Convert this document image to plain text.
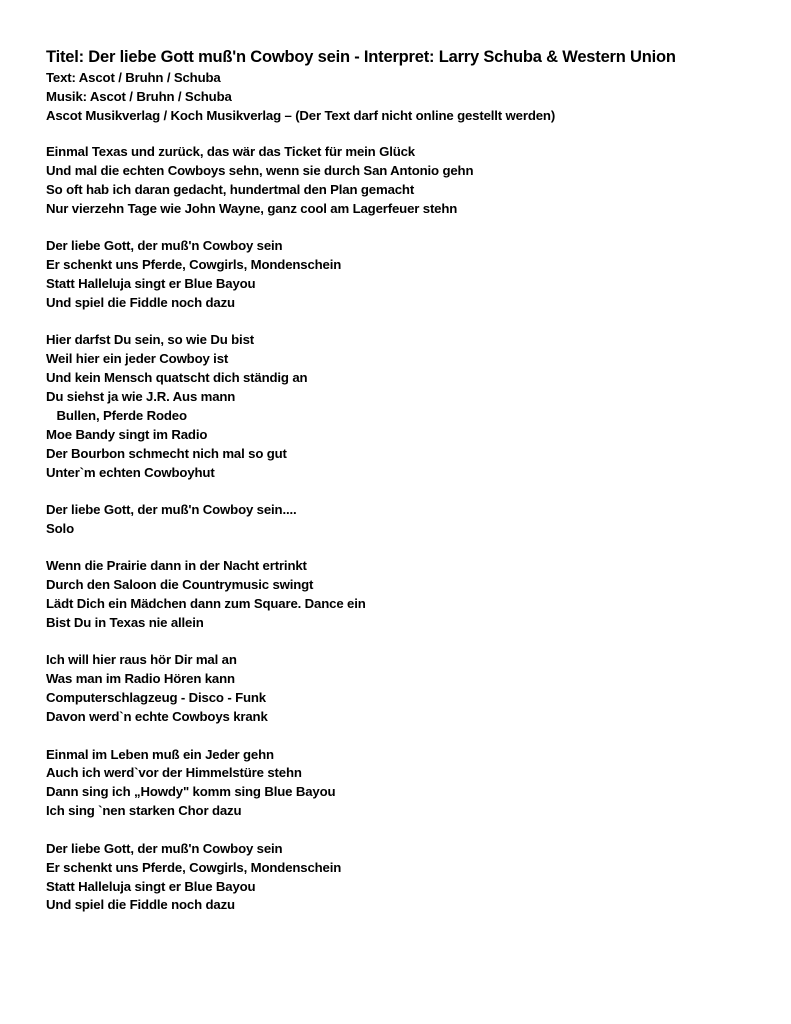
Titel: Der liebe Gott muß'n Cowboy sein - Interpret: Larry Schuba & Western Union
Text: Ascot / Bruhn / Schuba
Musik: Ascot / Bruhn / Schuba
Ascot Musikverlag / Koch Musikverlag – (Der Text darf nicht online gestellt werden)
Einmal Texas und zurück, das wär das Ticket für mein Glück
Und mal die echten Cowboys sehn, wenn sie durch San Antonio gehn
So oft hab ich daran gedacht, hundertmal den Plan gemacht
Nur vierzehn Tage wie John Wayne, ganz cool am Lagerfeuer stehn
Der liebe Gott, der muß'n Cowboy sein
Er schenkt uns Pferde, Cowgirls, Mondenschein
Statt Halleluja singt er Blue Bayou
Und spiel die Fiddle noch dazu
Hier darfst Du sein, so wie Du bist
Weil hier ein jeder Cowboy ist
Und kein Mensch quatscht dich ständig an
Du siehst ja wie J.R. Aus mann
Bullen, Pferde Rodeo
Moe Bandy singt im Radio
Der Bourbon schmecht nich mal so gut
Unter`m echten Cowboyhut
Der liebe Gott, der muß'n Cowboy sein....
Solo
Wenn die Prairie dann in der Nacht ertrinkt
Durch den Saloon die Countrymusic swingt
Lädt Dich ein Mädchen dann zum Square. Dance ein
Bist Du in Texas nie allein
Ich will hier raus hör Dir mal an
Was man im Radio Hören kann
Computerschlagzeug - Disco - Funk
Davon werd`n echte Cowboys krank
Einmal im Leben muß ein Jeder gehn
Auch ich werd`vor der Himmelstüre stehn
Dann sing ich „Howdy" komm sing Blue Bayou
Ich sing `nen starken Chor dazu
Der liebe Gott, der muß'n Cowboy sein
Er schenkt uns Pferde, Cowgirls, Mondenschein
Statt Halleluja singt er Blue Bayou
Und spiel die Fiddle noch dazu
